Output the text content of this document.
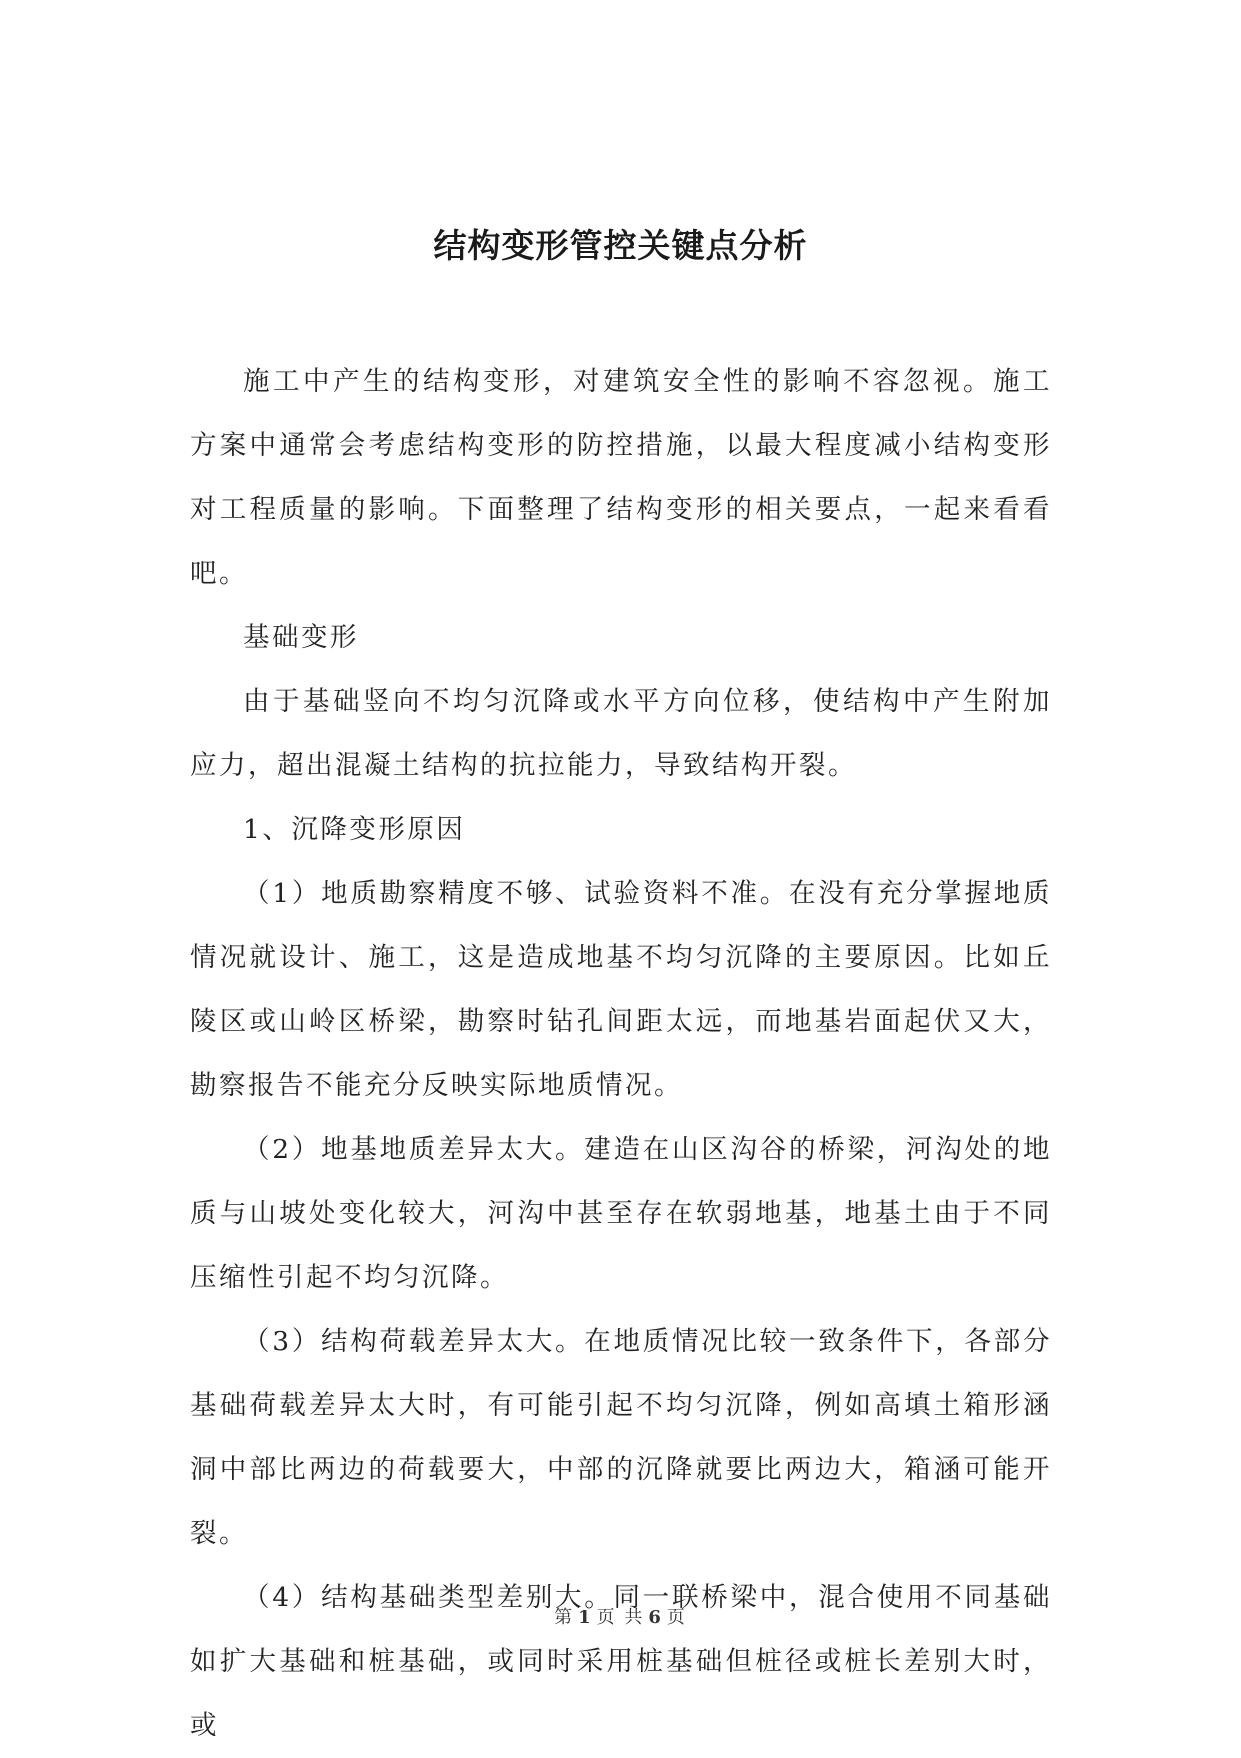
结构变形管控关键点分析

施工中产生的结构变形，对建筑安全性的影响不容忽视。施工方案中通常会考虑结构变形的防控措施，以最大程度减小结构变形对工程质量的影响。下面整理了结构变形的相关要点，一起来看看吧。

基础变形

由于基础竖向不均匀沉降或水平方向位移，使结构中产生附加应力，超出混凝土结构的抗拉能力，导致结构开裂。

1、沉降变形原因

（1）地质勘察精度不够、试验资料不准。在没有充分掌握地质情况就设计、施工，这是造成地基不均匀沉降的主要原因。比如丘陵区或山岭区桥梁，勘察时钻孔间距太远，而地基岩面起伏又大，勘察报告不能充分反映实际地质情况。

（2）地基地质差异太大。建造在山区沟谷的桥梁，河沟处的地质与山坡处变化较大，河沟中甚至存在软弱地基，地基土由于不同压缩性引起不均匀沉降。

（3）结构荷载差异太大。在地质情况比较一致条件下，各部分基础荷载差异太大时，有可能引起不均匀沉降，例如高填土箱形涵洞中部比两边的荷载要大，中部的沉降就要比两边大，箱涵可能开裂。

（4）结构基础类型差别大。同一联桥梁中，混合使用不同基础如扩大基础和桩基础，或同时采用桩基础但桩径或桩长差别大时，或

第 1 页 共 6 页
